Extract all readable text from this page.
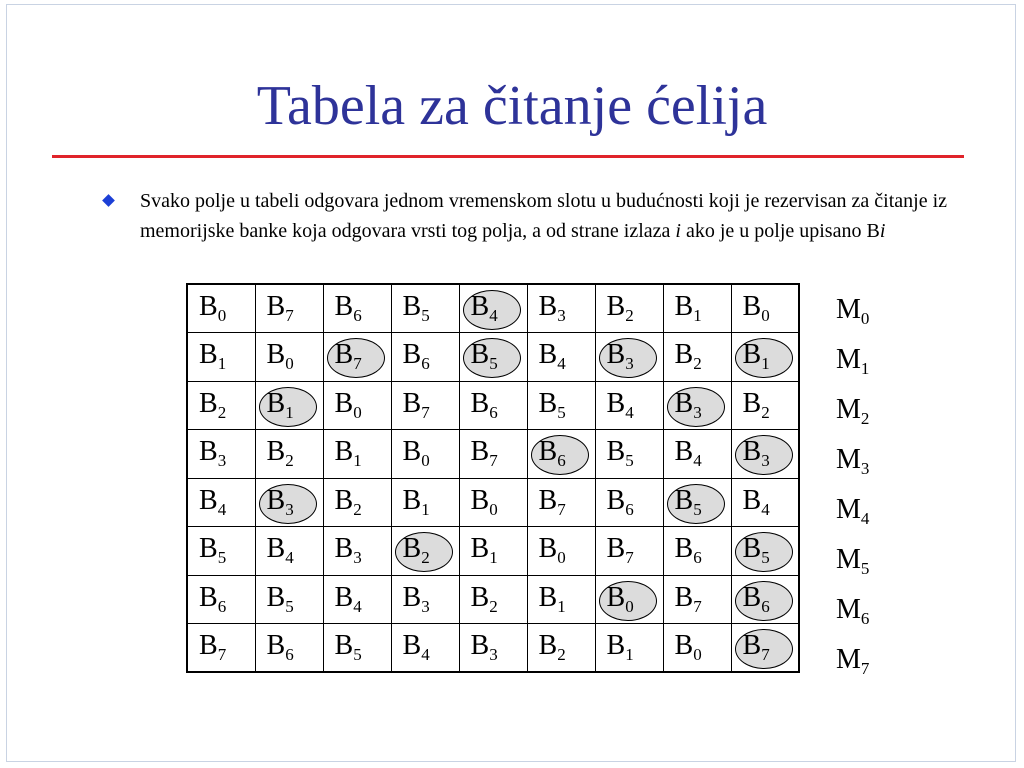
Tabela za čitanje ćelija
Svako polje u tabeli odgovara jednom vremenskom slotu u budućnosti koji je rezervisan za čitanje iz memorijske banke koja odgovara vrsti tog polja, a od strane izlaza i ako je u polje upisano Bi
$B_0$	$B_7$	$B_6$	$B_5$	$B_4$	$B_3$	$B_2$	$B_1$	$B_0$
$B_1$	$B_0$	$B_7$	$B_6$	$B_5$	$B_4$	$B_3$	$B_2$	$B_1$
$B_2$	$B_1$	$B_0$	$B_7$	$B_6$	$B_5$	$B_4$	$B_3$	$B_2$
$B_3$	$B_2$	$B_1$	$B_0$	$B_7$	$B_6$	$B_5$	$B_4$	$B_3$
$B_4$	$B_3$	$B_2$	$B_1$	$B_0$	$B_7$	$B_6$	$B_5$	$B_4$
$B_5$	$B_4$	$B_3$	$B_2$	$B_1$	$B_0$	$B_7$	$B_6$	$B_5$
$B_6$	$B_5$	$B_4$	$B_3$	$B_2$	$B_1$	$B_0$	$B_7$	$B_6$
$B_7$	$B_6$	$B_5$	$B_4$	$B_3$	$B_2$	$B_1$	$B_0$	$B_7$
$M_0$
$M_1$
$M_2$
$M_3$
$M_4$
$M_5$
$M_6$
$M_7$
